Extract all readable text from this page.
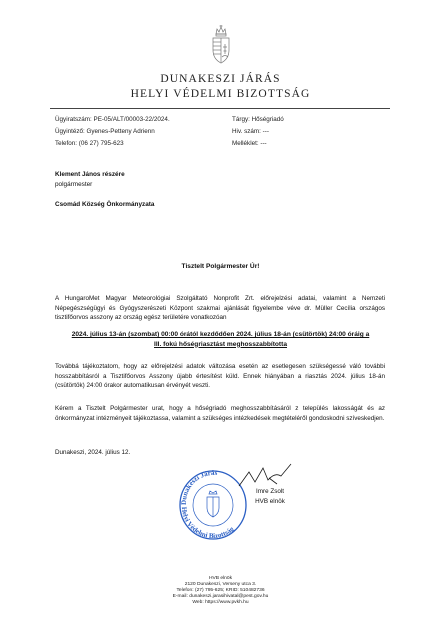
DUNAKESZI JÁRÁS
HELYI VÉDELMI BIZOTTSÁG
Ügyiratszám: PE-05/ALT/00003-22/2024.
Ügyintéző: Gyenes-Petteny Adrienn
Telefon: (06 27) 795-623
Tárgy: Hőségriadó
Hiv. szám: ---
Melléklet: ---
Klement János részére
polgármester
Csomád Község Önkormányzata
Tisztelt Polgármester Úr!
A HungaroMet Magyar Meteorológiai Szolgáltató Nonprofit Zrt. előrejelzési adatai, valamint a Nemzeti Népegészségügyi és Gyógyszerészeti Központ szakmai ajánlását figyelembe véve dr. Müller Cecília országos tisztifőorvos asszony az ország egész területére vonatkozóan
2024. július 13-án (szombat) 00:00 órától kezdődően 2024. július 18-án (csütörtök) 24:00 óráig a
III. fokú hőségriasztást meghosszabbította
Továbbá tájékoztatom, hogy az előrejelzési adatok változása esetén az esetlegesen szükségessé váló további hosszabbításról a Tisztifőorvos Asszony újabb értesítést küld. Ennek hiányában a riasztás 2024. július 18-án (csütörtök) 24:00 órakor automatikusan érvényét veszti.
Kérem a Tisztelt Polgármester urat, hogy a hőségriadó meghosszabbításáról z település lakosságát és az önkormányzat intézményeit tájékoztassa, valamint a szükséges intézkedések megtételéről gondoskodni szíveskedjen.
Dunakeszi, 2024. július 12.
Dunakeszi Járás
Helyi Védelmi Bizottság
Imre Zsolt
HVB elnök
HVB elnök
2120 Dunakeszi, Verseny utca 3.
Telefon: (27) 795-625; KRID: 510482736
E-mail: dunakeszi.jarasihivatal@pest.gov.hu
Web: https://www.pvkh.hu
